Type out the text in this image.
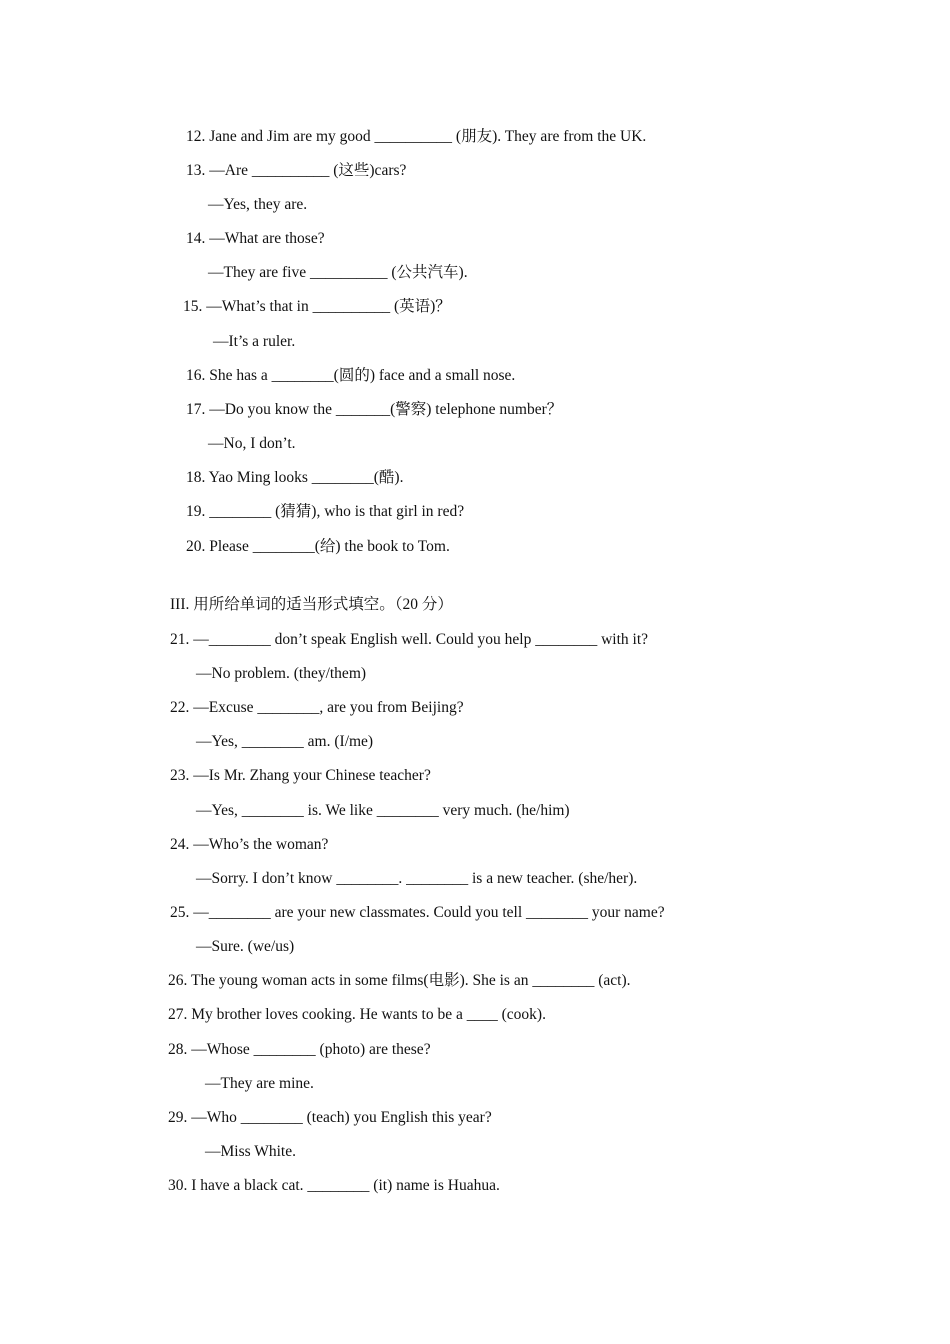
12. Jane and Jim are my good __________ (朋友). They are from the UK.

13. —Are __________ (这些)cars?

—Yes, they are.

14. —What are those?

—They are five __________ (公共汽车).

15. —What’s that in __________ (英语)？

—It’s a ruler.

16. She has a ________(圆的) face and a small nose.

17. —Do you know the _______(警察) telephone number？

—No, I don’t.

18. Yao Ming looks ________(酷).

19. ________ (猜猜), who is that girl in red?

20. Please ________(给) the book to Tom.

III. 用所给单词的适当形式填空。（20 分）

21. —________ don’t speak English well. Could you help ________ with it?

—No problem. (they/them)

22. —Excuse ________, are you from Beijing?

—Yes, ________ am. (I/me)

23. —Is Mr. Zhang your Chinese teacher?

—Yes, ________ is. We like ________ very much. (he/him)

24. —Who’s the woman?

—Sorry. I don’t know ________. ________ is a new teacher. (she/her).

25. —________ are your new classmates. Could you tell ________ your name?

—Sure. (we/us)

26. The young woman acts in some films(电影). She is an ________ (act).

27. My brother loves cooking. He wants to be a ____ (cook).

28. —Whose ________ (photo) are these?

—They are mine.

29. —Who ________ (teach) you English this year?

—Miss White.

30. I have a black cat. ________ (it) name is Huahua.
